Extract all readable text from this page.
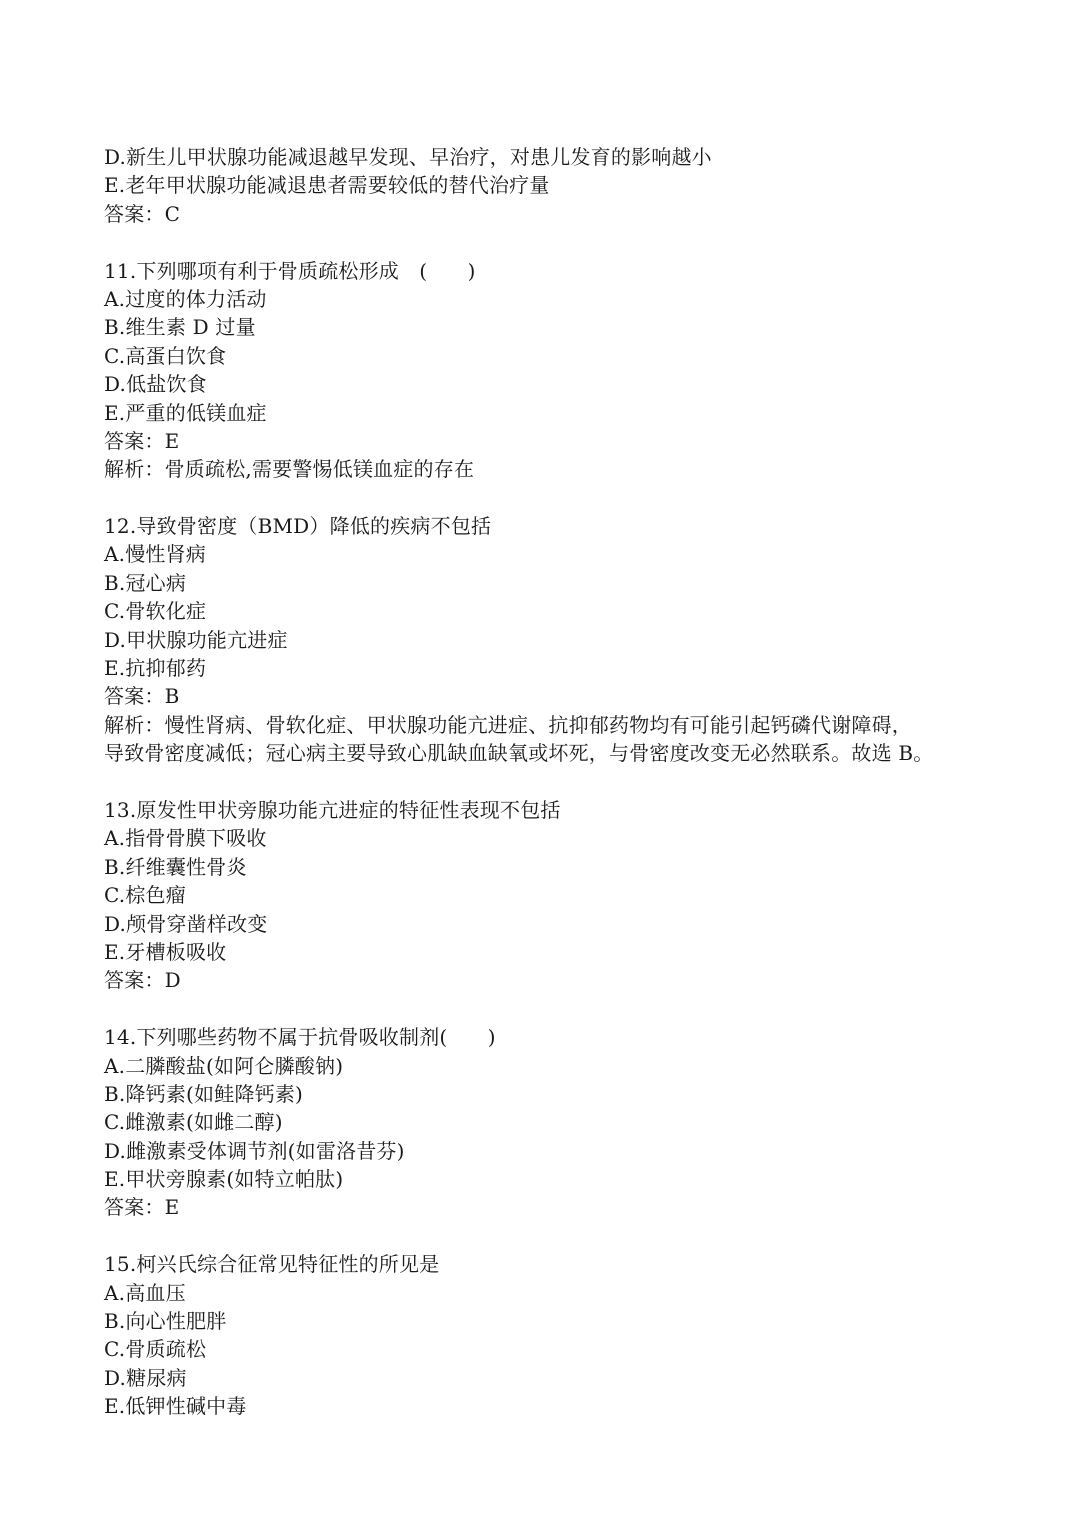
D.新生儿甲状腺功能减退越早发现、早治疗，对患儿发育的影响越小
E.老年甲状腺功能减退患者需要较低的替代治疗量
答案：C
11.下列哪项有利于骨质疏松形成　(　　)
A.过度的体力活动
B.维生素 D 过量
C.高蛋白饮食
D.低盐饮食
E.严重的低镁血症
答案：E
解析：骨质疏松,需要警惕低镁血症的存在
12.导致骨密度（BMD）降低的疾病不包括
A.慢性肾病
B.冠心病
C.骨软化症
D.甲状腺功能亢进症
E.抗抑郁药
答案：B
解析：慢性肾病、骨软化症、甲状腺功能亢进症、抗抑郁药物均有可能引起钙磷代谢障碍，
导致骨密度减低；冠心病主要导致心肌缺血缺氧或坏死，与骨密度改变无必然联系。故选 B。
13.原发性甲状旁腺功能亢进症的特征性表现不包括
A.指骨骨膜下吸收
B.纤维囊性骨炎
C.棕色瘤
D.颅骨穿凿样改变
E.牙槽板吸收
答案：D
14.下列哪些药物不属于抗骨吸收制剂(　　)
A.二膦酸盐(如阿仑膦酸钠)
B.降钙素(如鲑降钙素)
C.雌激素(如雌二醇)
D.雌激素受体调节剂(如雷洛昔芬)
E.甲状旁腺素(如特立帕肽)
答案：E
15.柯兴氏综合征常见特征性的所见是
A.高血压
B.向心性肥胖
C.骨质疏松
D.糖尿病
E.低钾性碱中毒
